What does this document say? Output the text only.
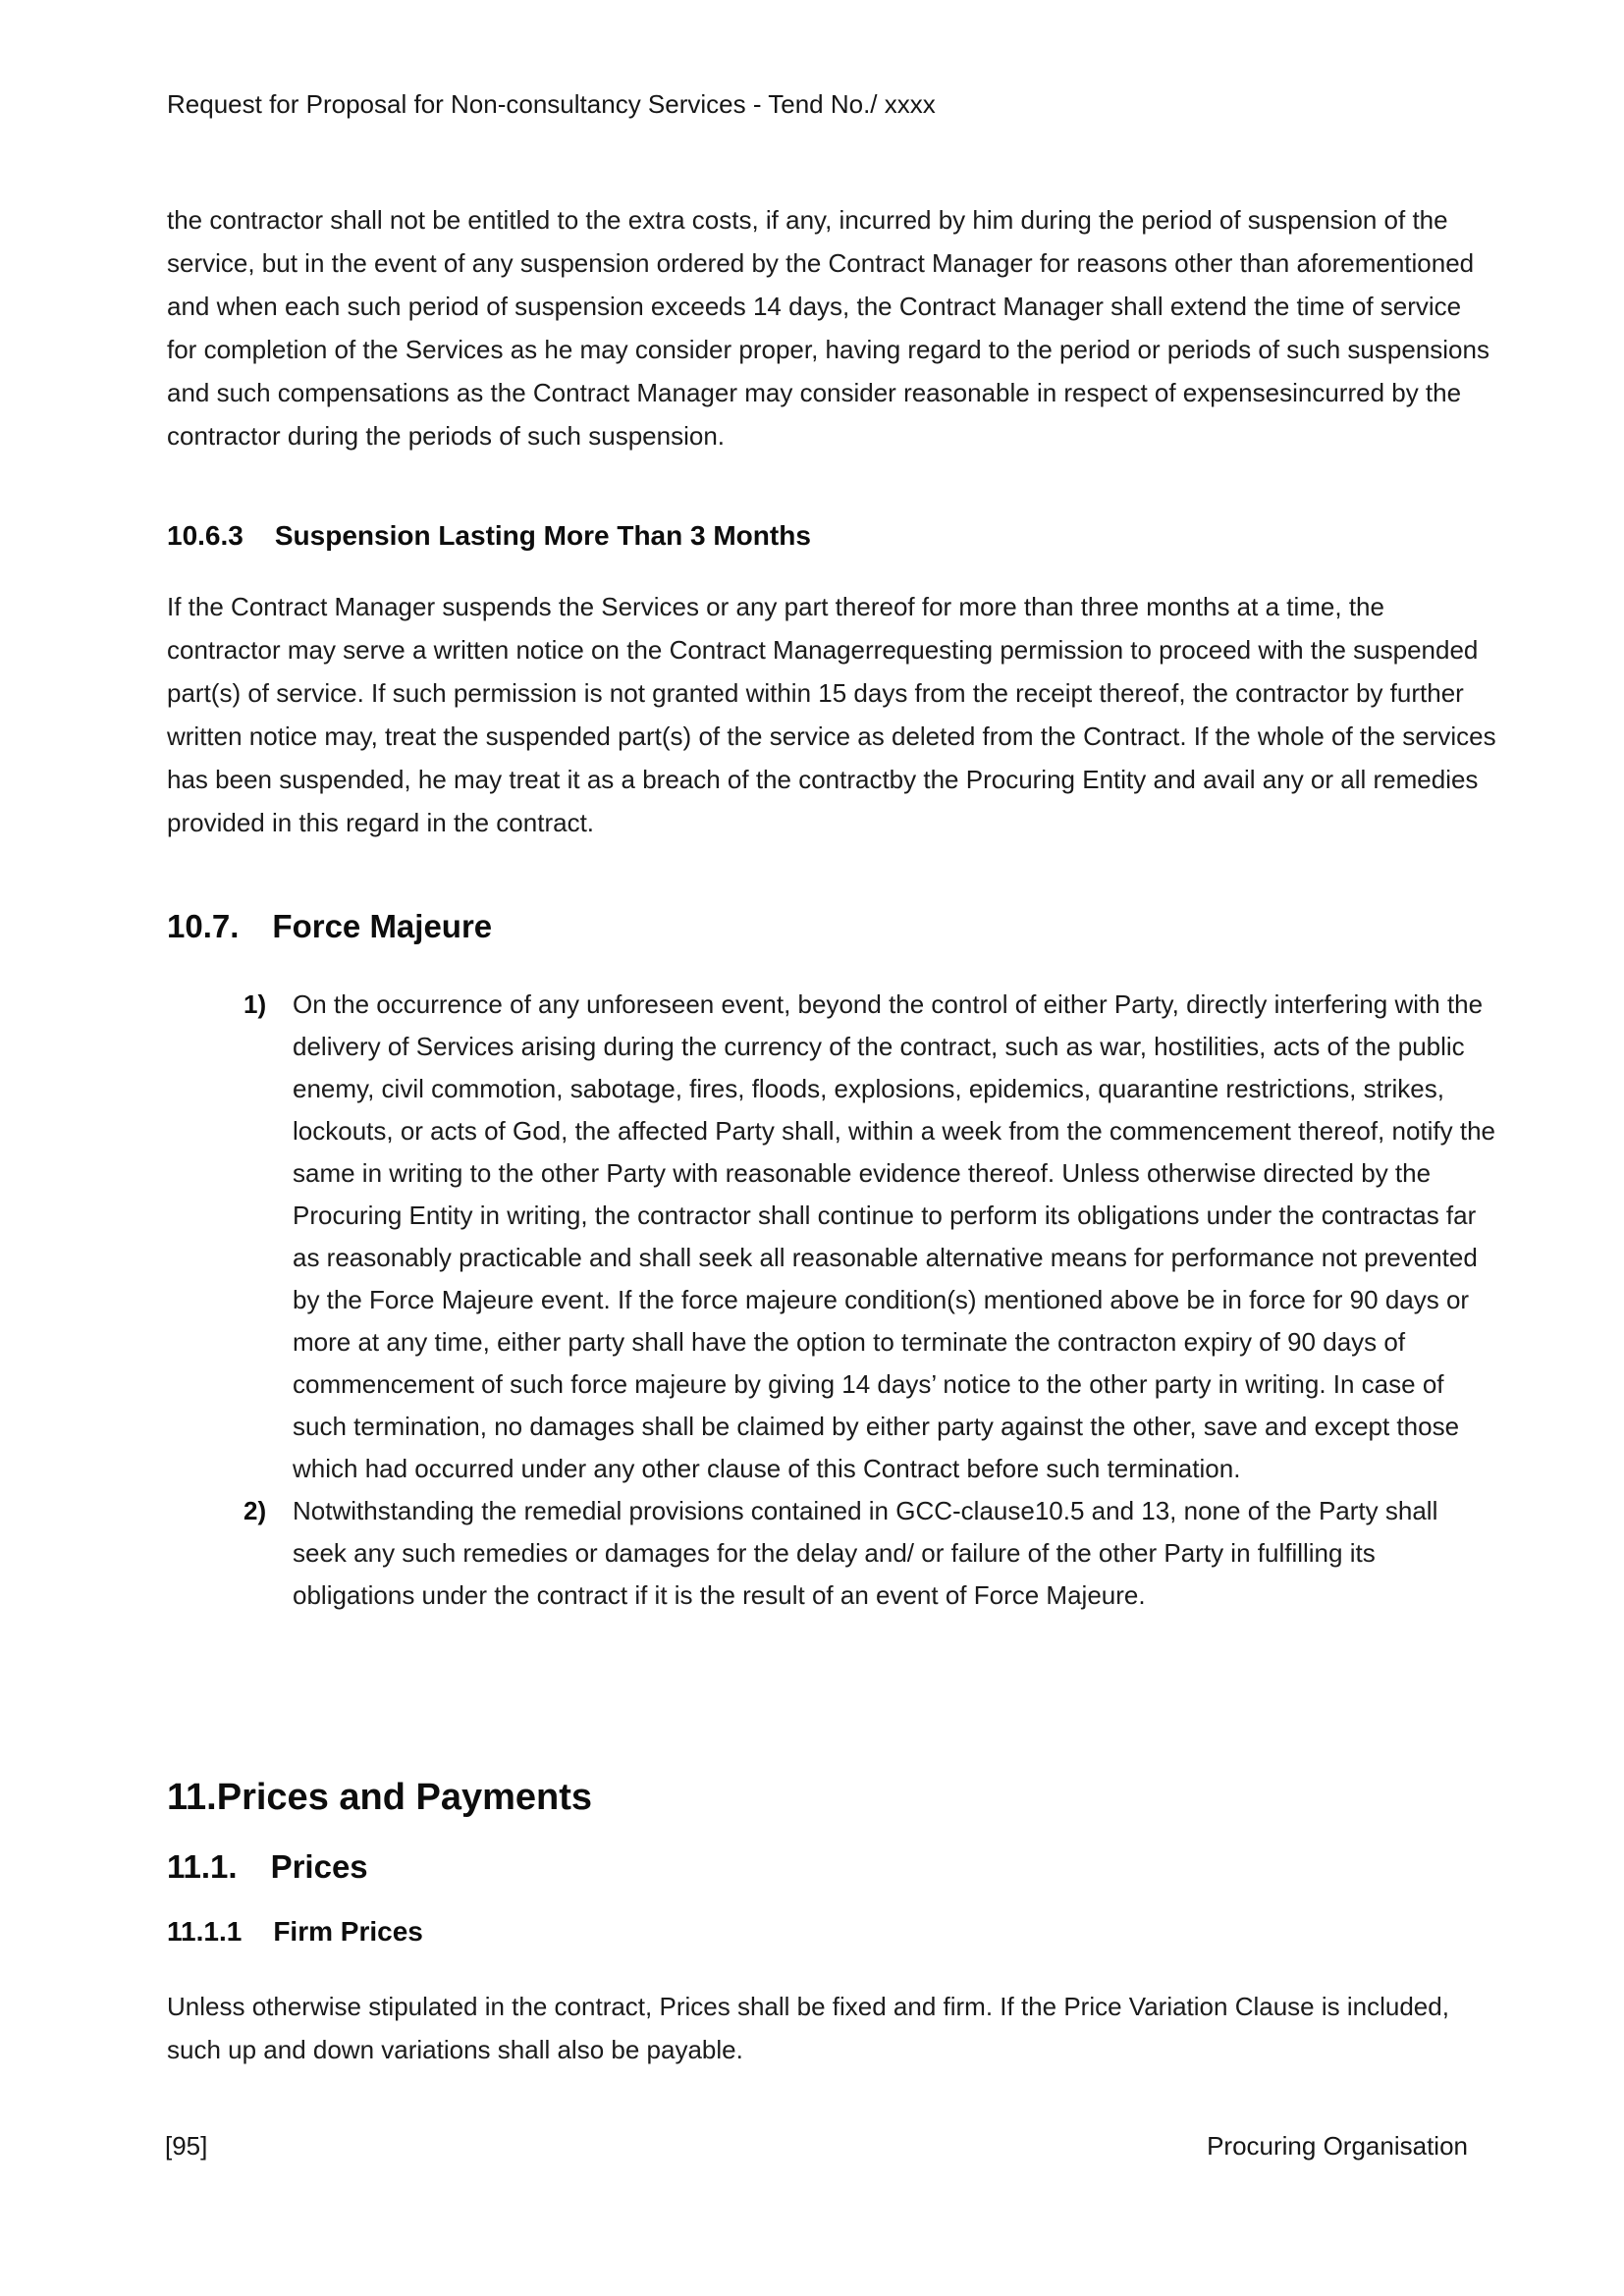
Request for Proposal for Non-consultancy Services - Tend No./ xxxx
the contractor shall not be entitled to the extra costs, if any, incurred by him during the period of suspension of the service, but in the event of any suspension ordered by the Contract Manager for reasons other than aforementioned and when each such period of suspension exceeds 14 days, the Contract Manager shall extend the time of service for completion of the Services as he may consider proper, having regard to the period or periods of such suspensions and such compensations as the Contract Manager may consider reasonable in respect of expensesincurred by the contractor during the periods of such suspension.
10.6.3 Suspension Lasting More Than 3 Months
If the Contract Manager suspends the Services or any part thereof for more than three months at a time, the contractor may serve a written notice on the Contract Managerrequesting permission to proceed with the suspended part(s) of service. If such permission is not granted within 15 days from the receipt thereof, the contractor by further written notice may, treat the suspended part(s) of the service as deleted from the Contract. If the whole of the services has been suspended, he may treat it as a breach of the contractby the Procuring Entity and avail any or all remedies provided in this regard in the contract.
10.7. Force Majeure
1) On the occurrence of any unforeseen event, beyond the control of either Party, directly interfering with the delivery of Services arising during the currency of the contract, such as war, hostilities, acts of the public enemy, civil commotion, sabotage, fires, floods, explosions, epidemics, quarantine restrictions, strikes, lockouts, or acts of God, the affected Party shall, within a week from the commencement thereof, notify the same in writing to the other Party with reasonable evidence thereof. Unless otherwise directed by the Procuring Entity in writing, the contractor shall continue to perform its obligations under the contractas far as reasonably practicable and shall seek all reasonable alternative means for performance not prevented by the Force Majeure event. If the force majeure condition(s) mentioned above be in force for 90 days or more at any time, either party shall have the option to terminate the contracton expiry of 90 days of commencement of such force majeure by giving 14 days’ notice to the other party in writing. In case of such termination, no damages shall be claimed by either party against the other, save and except those which had occurred under any other clause of this Contract before such termination.
2) Notwithstanding the remedial provisions contained in GCC-clause10.5 and 13, none of the Party shall seek any such remedies or damages for the delay and/ or failure of the other Party in fulfilling its obligations under the contract if it is the result of an event of Force Majeure.
11.Prices and Payments
11.1. Prices
11.1.1 Firm Prices
Unless otherwise stipulated in the contract, Prices shall be fixed and firm. If the Price Variation Clause is included, such up and down variations shall also be payable.
[95]	Procuring Organisation
